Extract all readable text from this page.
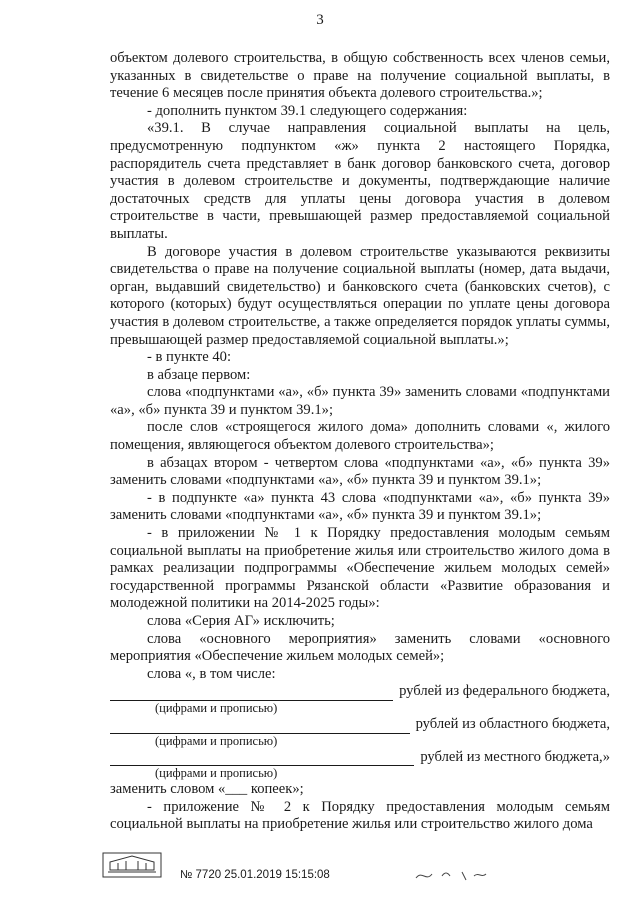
3

объектом долевого строительства, в общую собственность всех членов семьи, указанных в свидетельстве о праве на получение социальной выплаты, в течение 6 месяцев после принятия объекта долевого строительства.»;

- дополнить пунктом 39.1 следующего содержания:

«39.1. В случае направления социальной выплаты на цель, предусмотренную подпунктом «ж» пункта 2 настоящего Порядка, распорядитель счета представляет в банк договор банковского счета, договор участия в долевом строительстве и документы, подтверждающие наличие достаточных средств для уплаты цены договора участия в долевом строительстве в части, превышающей размер предоставляемой социальной выплаты.

В договоре участия в долевом строительстве указываются реквизиты свидетельства о праве на получение социальной выплаты (номер, дата выдачи, орган, выдавший свидетельство) и банковского счета (банковских счетов), с которого (которых) будут осуществляться операции по уплате цены договора участия в долевом строительстве, а также определяется порядок уплаты суммы, превышающей размер предоставляемой социальной выплаты.»;

- в пункте 40:

в абзаце первом:

слова «подпунктами «а», «б» пункта 39» заменить словами «подпунктами «а», «б» пункта 39 и пунктом 39.1»;

после слов «строящегося жилого дома» дополнить словами «, жилого помещения, являющегося объектом долевого строительства»;

в абзацах втором - четвертом слова «подпунктами «а», «б» пункта 39» заменить словами «подпунктами «а», «б» пункта 39 и пунктом 39.1»;

- в подпункте «а» пункта 43 слова «подпунктами «а», «б» пункта 39» заменить словами «подпунктами «а», «б» пункта 39 и пунктом 39.1»;

- в приложении № 1 к Порядку предоставления молодым семьям социальной выплаты на приобретение жилья или строительство жилого дома в рамках реализации подпрограммы «Обеспечение жильем молодых семей» государственной программы Рязанской области «Развитие образования и молодежной политики на 2014-2025 годы»:

слова «Серия АГ» исключить;

слова «основного мероприятия» заменить словами «основного мероприятия «Обеспечение жильем молодых семей»;

слова «, в том числе:

рублей из федерального бюджета,
(цифрами и прописью)
рублей из областного бюджета,
(цифрами и прописью)
рублей из местного бюджета,»
(цифрами и прописью)

заменить словом «___ копеек»;

- приложение № 2 к Порядку предоставления молодым семьям социальной выплаты на приобретение жилья или строительство жилого дома

№ 7720 25.01.2019 15:15:08
